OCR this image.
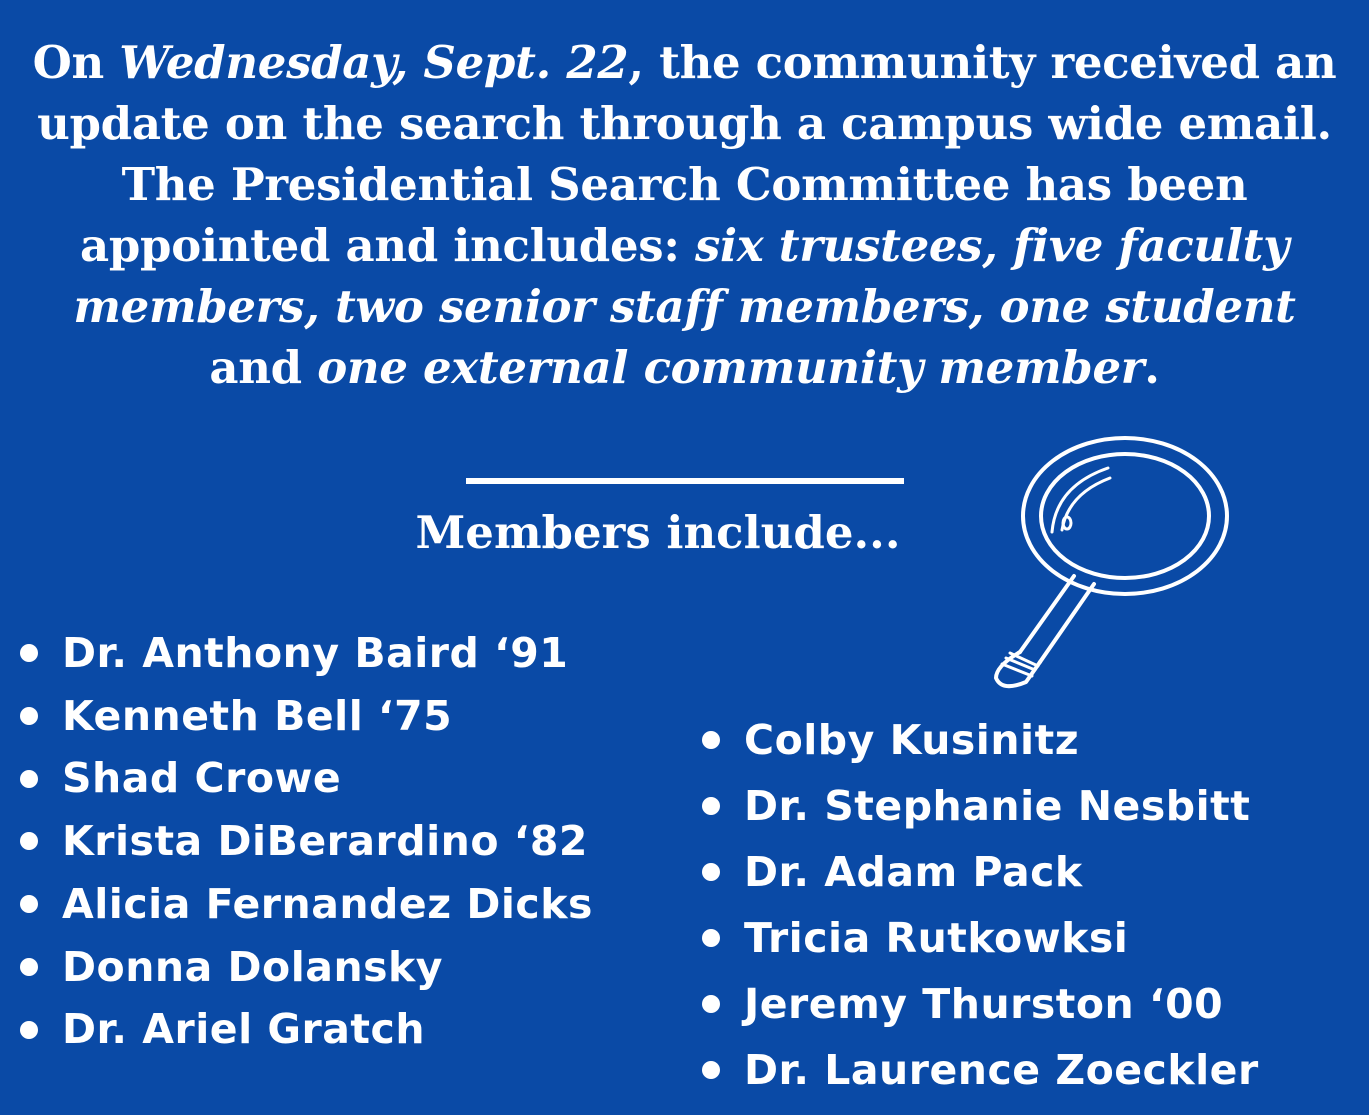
On Wednesday, Sept. 22, the community received an update on the search through a campus wide email. The Presidential Search Committee has been appointed and includes: six trustees, five faculty members, two senior staff members, one student and one external community member.
Members include...
Dr. Anthony Baird ‘91
Kenneth Bell ‘75
Shad Crowe
Krista DiBerardino ‘82
Alicia Fernandez Dicks
Donna Dolansky
Dr. Ariel Gratch
Colby Kusinitz
Dr. Stephanie Nesbitt
Dr. Adam Pack
Tricia Rutkowksi
Jeremy Thurston ‘00
Dr. Laurence Zoeckler
